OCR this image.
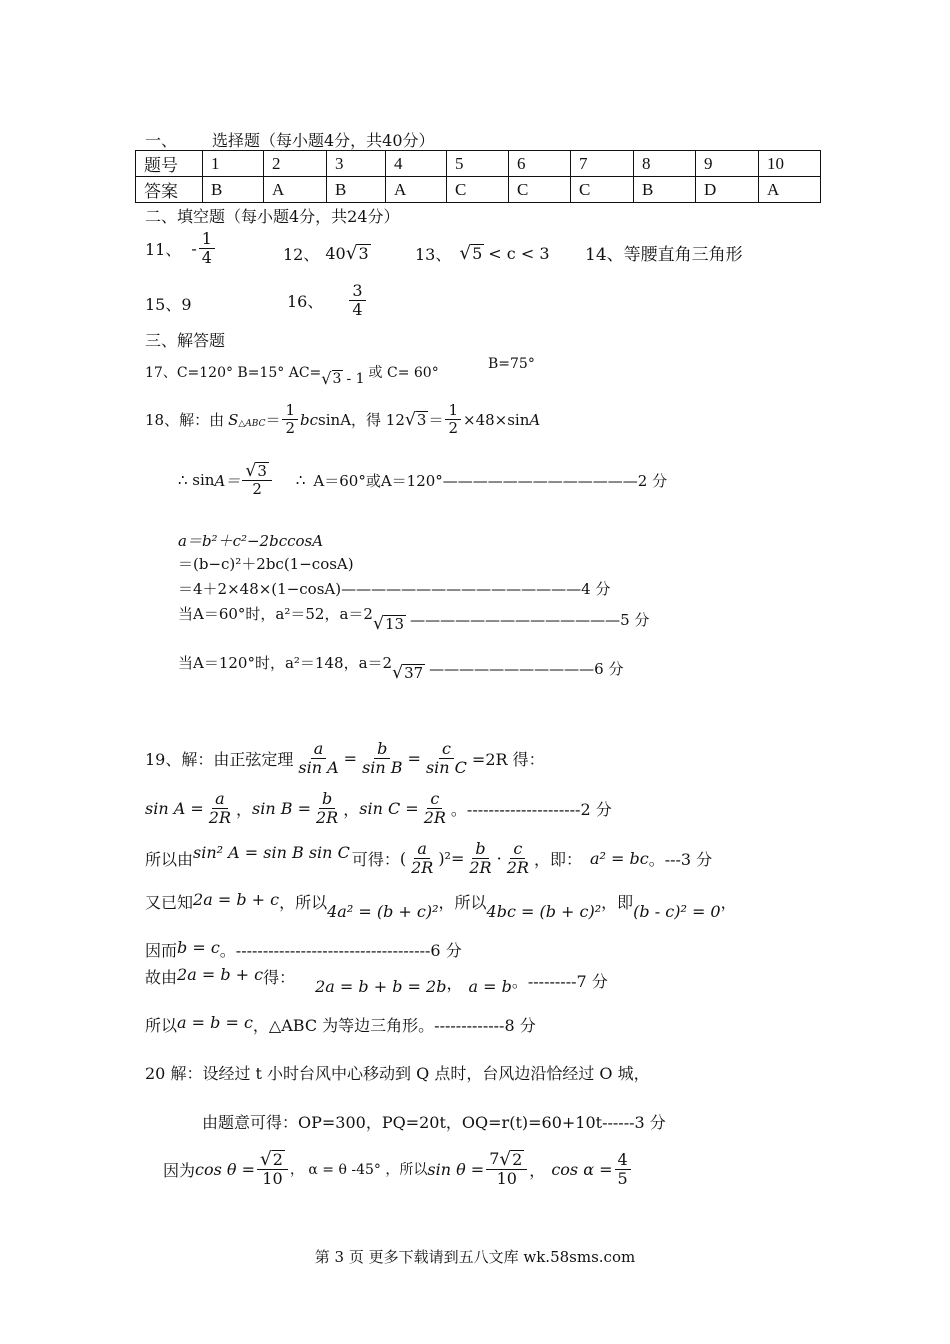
一、 选择题（每小题4分，共40分）
题号	1	2	3	4	5	6	7	8	9	10
答案	B	A	B	A	C	C	C	B	D	A
二、填空题（每小题4分，共24分）
11、 - $\frac{1}{4}$	12、 40 √ 3	13、 √ 5 < c < 3 14、等腰直角三角形
15、9	16、 $\frac{3}{4}$
三、解答题
17、C=120° B=15° AC= √ 3 - 1 或 C= 60°
B=75°
18、解：由 S △ABC ＝ $\frac{1}{2}$ bc sinA，得 12 √ $3 = \frac{1}{2} \times 48\times\sin$ A
∴ $\sin A= \frac{√ 3}{2}$ ∴ A＝60°或 A＝120°—————————————2 分
a＝b²＋c²−2bccosA
＝(b−c)²＋2bc(1−cosA)
＝4＋2×48×(1−cosA)————————————————4 分
当 A＝60°时，a²＝52，a＝2 √ 13 ——————————————5 分
当 A＝120°时，a²＝148，a＝2 √ 37 ———————————6 分
19、解：由正弦定理 $\frac{a}{\text{sin A}} = \frac{b}{\text{sin B}} = \frac{c}{\text{sin C}} =2R$ 得：
$\sin A = \frac{a}{2R}$ ， $\sin B = \frac{b}{2R}$ ， $\sin C = \frac{c}{2R}$ 。---------------------2 分
所以由 sin² A = sin B sin C 可得： ( $\frac{a}{2R} )^2 = \frac{b}{2R} \cdot \frac{c}{2R}$ ，即： a² = bc 。---3 分
又已知 2a = b + c ，所以 4a² = (b + c)² ，所以 4bc = (b + c)² ，即 (b - c)² = 0 ，
因而 b = c 。------------------------------------6 分
故由 2a = b + c 得： 2a = b + b = 2b ， a = b 。---------7 分
所以 a = b = c ，△ABC 为等边三角形。-------------8 分
20 解：设经过 t 小时台风中心移动到 Q 点时，台风边沿恰经过 O 城，
由题意可得：OP=300，PQ=20t，OQ=r(t)=60+10t------3 分
因为 $\cos \theta = \frac{√ 2}{10}$ ， α = θ -45° ，所以 $\sin \theta = \frac{7 √ 2}{10}$ ， $\cos \alpha = \frac{4}{5}$
第 3 页 更多下载请到五八文库 wk.58sms.com
